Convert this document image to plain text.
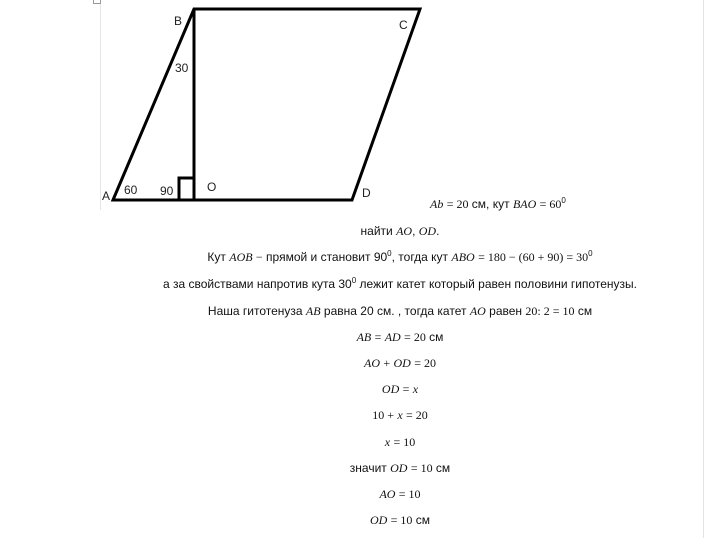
B	C
A	D
O
30
60 90
Ab = 20 см, кут BAO = $60^0$
найти AO, OD.
Кут AOB − прямой и становит $90^0$, тогда кут ABO = $180 - (60 + 90) = 30^0$
а за свойствами напротив кута $30^0$ лежит катет который равен половини гипотенузы.
Наша гитотенуза AB равна 20 см. , тогда катет AO равен 20: 2 = 10 см
AB = AD = 20 см
AO + OD = 20
OD = x
10 + x = 20
x = 10
значит OD = 10 см
AO = 10
OD = 10 см
